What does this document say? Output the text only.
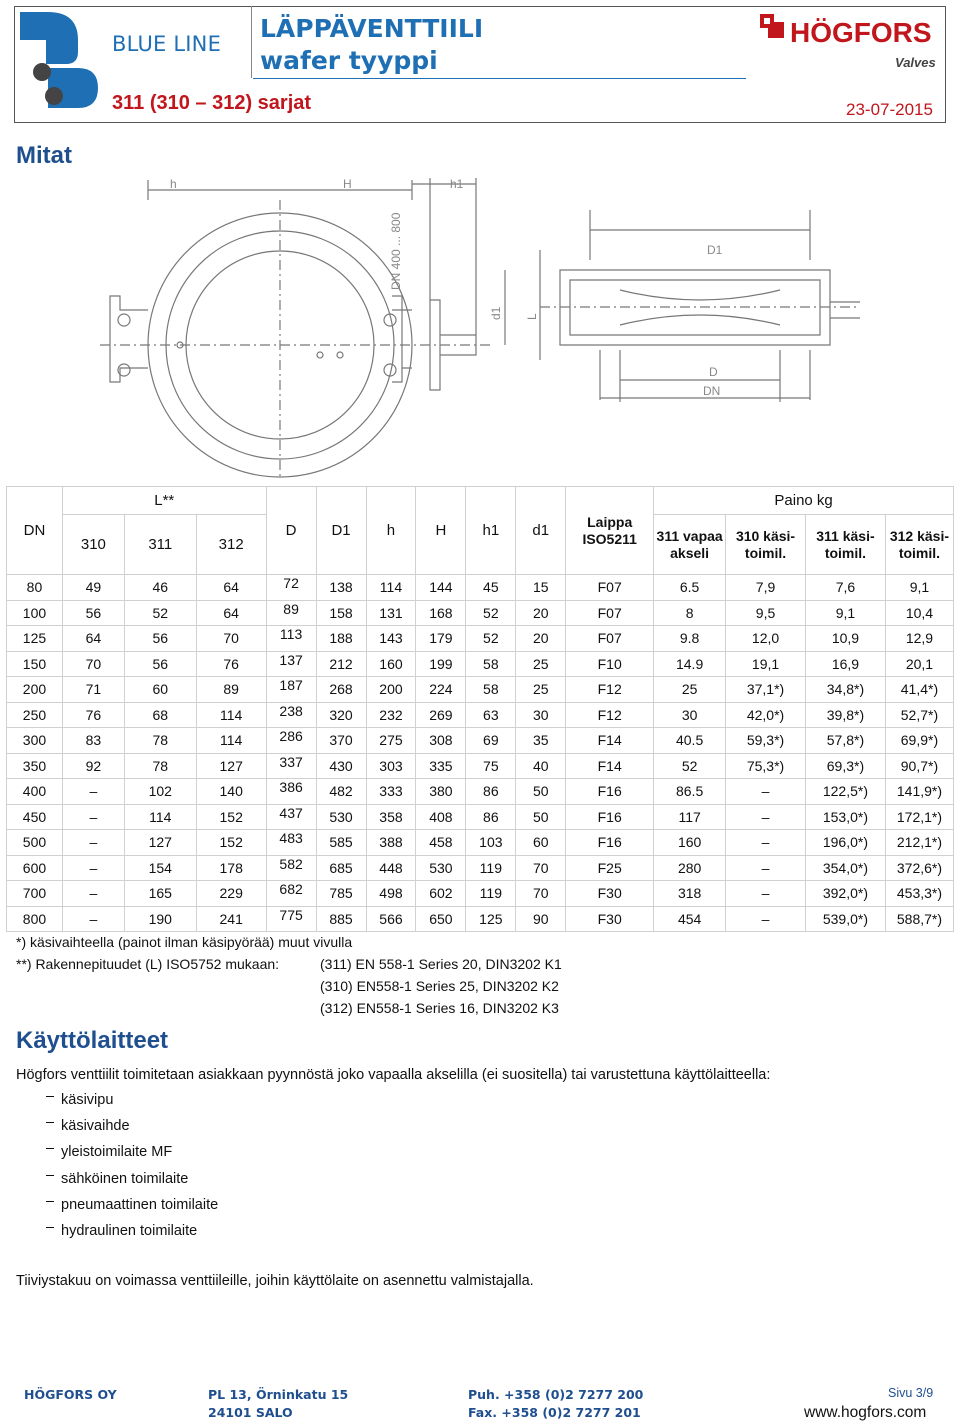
BLUE LINE
LÄPPÄVENTTIILI
wafer tyyppi
311 (310 – 312) sarjat	23-07-2015
HÖGFORS
Valves
Mitat
h	H	h1
DN 400 ... 800	D1
d1 L
D
DN
DN	L**			D	D1	h	H	h1	d1	Laippa ISO5211	Paino kg			
	310	311	312								311 vapaa akseli	310 käsi-toimil.	311 käsi-toimil.	312 käsi-toimil.
80	49	46	64	72	138	114	144	45	15	F07	6.5	7,9	7,6	9,1
100	56	52	64	89	158	131	168	52	20	F07	8	9,5	9,1	10,4
125	64	56	70	113	188	143	179	52	20	F07	9.8	12,0	10,9	12,9
150	70	56	76	137	212	160	199	58	25	F10	14.9	19,1	16,9	20,1
200	71	60	89	187	268	200	224	58	25	F12	25	37,1*)	34,8*)	41,4*)
250	76	68	114	238	320	232	269	63	30	F12	30	42,0*)	39,8*)	52,7*)
300	83	78	114	286	370	275	308	69	35	F14	40.5	59,3*)	57,8*)	69,9*)
350	92	78	127	337	430	303	335	75	40	F14	52	75,3*)	69,3*)	90,7*)
400	–	102	140	386	482	333	380	86	50	F16	86.5	–	122,5*)	141,9*)
450	–	114	152	437	530	358	408	86	50	F16	117	–	153,0*)	172,1*)
500	–	127	152	483	585	388	458	103	60	F16	160	–	196,0*)	212,1*)
600	–	154	178	582	685	448	530	119	70	F25	280	–	354,0*)	372,6*)
700	–	165	229	682	785	498	602	119	70	F30	318	–	392,0*)	453,3*)
800	–	190	241	775	885	566	650	125	90	F30	454	–	539,0*)	588,7*)
*) käsivaihteella (painot ilman käsipyörää) muut vivulla
**) Rakennepituudet (L) ISO5752 mukaan:	(311) EN 558-1 Series 20, DIN3202 K1
(310) EN558-1 Series 25, DIN3202 K2
(312) EN558-1 Series 16, DIN3202 K3
Käyttölaitteet
Högfors venttiilit toimitetaan asiakkaan pyynnöstä joko vapaalla akselilla (ei suositella) tai varustettuna käyttölaitteella:
käsivipu
käsivaihde
yleistoimilaite MF
sähköinen toimilaite
pneumaattinen toimilaite
hydraulinen toimilaite
Tiiviystakuu on voimassa venttiileille, joihin käyttölaite on asennettu valmistajalla.
HÖGFORS OY	PL 13, Örninkatu 15
24101 SALO
Puh. +358 (0)2 7277 200
Fax. +358 (0)2 7277 201
Sivu 3/9
www.hogfors.com
